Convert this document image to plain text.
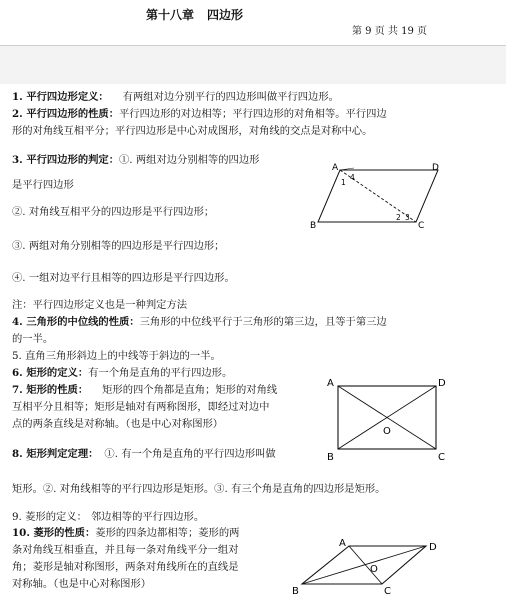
第十八章 四边形
第 9 页 共 19 页
1. 平行四边形定义： 有两组对边分别平行的四边形叫做平行四边形。
2. 平行四边形的性质：平行四边形的对边相等；平行四边形的对角相等。平行四边
形的对角线互相平分；平行四边形是中心对成图形，对角线的交点是对称中心。
3. 平行四边形的判定：①. 两组对边分别相等的四边形
是平行四边形
②. 对角线互相平分的四边形是平行四边形；
③. 两组对角分别相等的四边形是平行四边形；
④. 一组对边平行且相等的四边形是平行四边形。
注：平行四边形定义也是一种判定方法
4. 三角形的中位线的性质：三角形的中位线平行于三角形的第三边，且等于第三边
的一半。
5. 直角三角形斜边上的中线等于斜边的一半。
6. 矩形的定义：有一个角是直角的平行四边形。
7. 矩形的性质： 矩形的四个角都是直角；矩形的对角线
互相平分且相等；矩形是轴对有两称图形，即经过对边中
点的两条直线是对称轴。（也是中心对称图形）
8. 矩形判定定理： ①. 有一个角是直角的平行四边形叫做
矩形。②. 对角线相等的平行四边形是矩形。③. 有三个角是直角的四边形是矩形。
9. 菱形的定义： 邻边相等的平行四边形。
10. 菱形的性质：菱形的四条边都相等；菱形的两
条对角线互相垂直，并且每一条对角线平分一组对
角；菱形是轴对称图形，两条对角线所在的直线是
对称轴。（也是中心对称图形）
A	D
B	C
1
4
2 3
A	D
B	C
O
A	D
B	C
O
